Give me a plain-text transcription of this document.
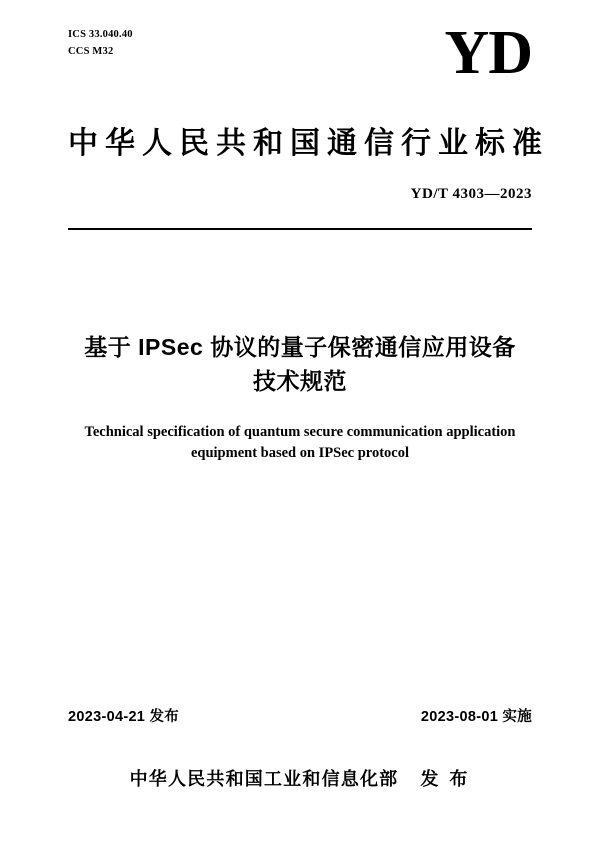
ICS 33.040.40
CCS M32	YD
中华人民共和国通信行业标准
YD/T 4303—2023
基于 IPSec 协议的量子保密通信应用设备
技术规范
Technical specification of quantum secure communication application
equipment based on IPSec protocol
2023-04-21 发布	2023-08-01 实施
中华人民共和国工业和信息化部 发 布
